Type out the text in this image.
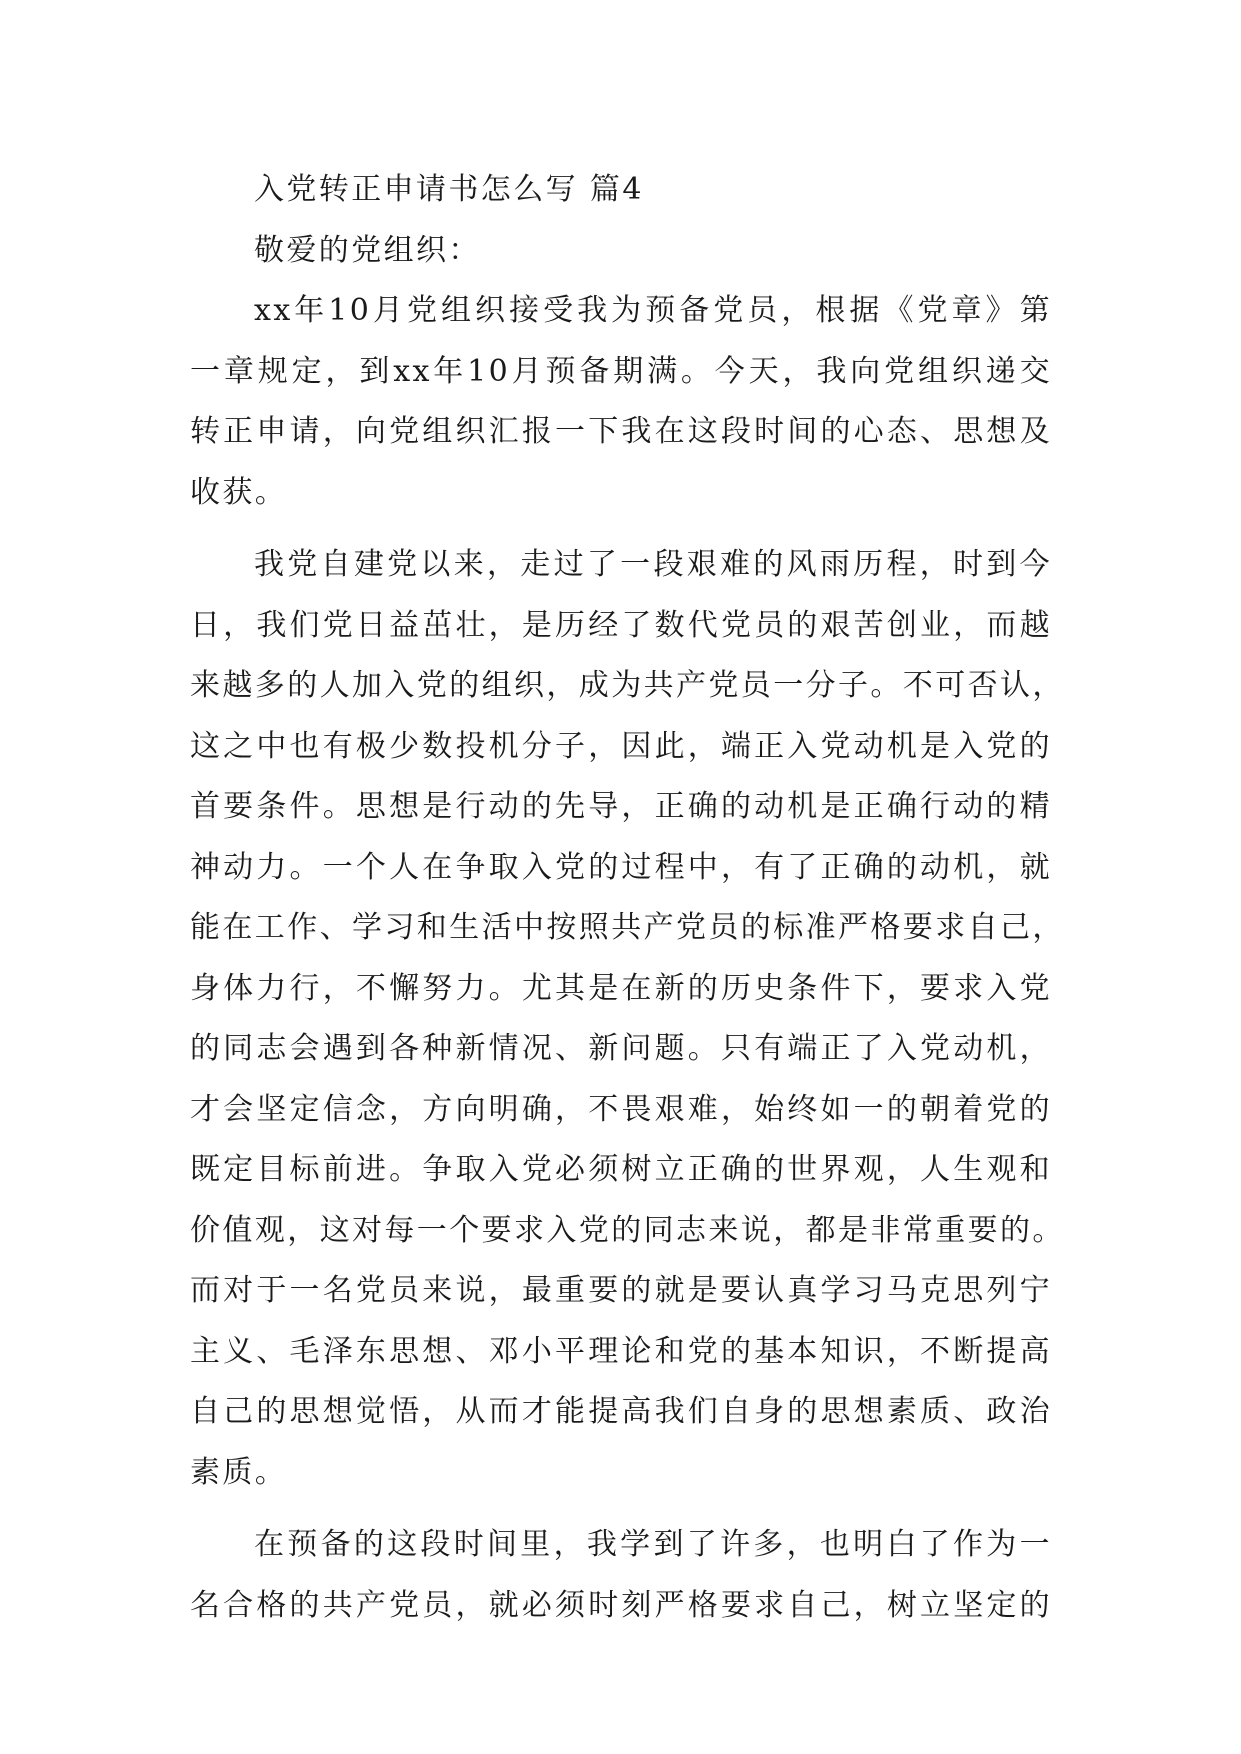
入党转正申请书怎么写 篇4
敬爱的党组织：
xx年10月党组织接受我为预备党员，根据《党章》第
一章规定，到xx年10月预备期满。今天，我向党组织递交
转正申请，向党组织汇报一下我在这段时间的心态、思想及
收获。
我党自建党以来，走过了一段艰难的风雨历程，时到今
日，我们党日益茁壮，是历经了数代党员的艰苦创业，而越
来越多的人加入党的组织，成为共产党员一分子。不可否认，
这之中也有极少数投机分子，因此，端正入党动机是入党的
首要条件。思想是行动的先导，正确的动机是正确行动的精
神动力。一个人在争取入党的过程中，有了正确的动机，就
能在工作、学习和生活中按照共产党员的标准严格要求自己，
身体力行，不懈努力。尤其是在新的历史条件下，要求入党
的同志会遇到各种新情况、新问题。只有端正了入党动机，
才会坚定信念，方向明确，不畏艰难，始终如一的朝着党的
既定目标前进。争取入党必须树立正确的世界观，人生观和
价值观，这对每一个要求入党的同志来说，都是非常重要的。
而对于一名党员来说，最重要的就是要认真学习马克思列宁
主义、毛泽东思想、邓小平理论和党的基本知识，不断提高
自己的思想觉悟，从而才能提高我们自身的思想素质、政治
素质。
在预备的这段时间里，我学到了许多，也明白了作为一
名合格的共产党员，就必须时刻严格要求自己，树立坚定的
